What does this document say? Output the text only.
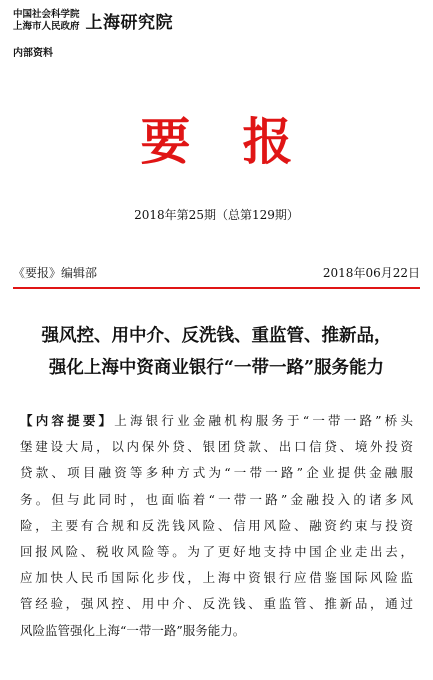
中国社会科学院
上海市人民政府 上海研究院
内部资料
要报
2018年第25期（总第129期）
《要报》编辑部	2018年06月22日
强风控、用中介、反洗钱、重监管、推新品，
强化上海中资商业银行“一带一路”服务能力
【内容提要】上海银行业金融机构服务于“一带一路”桥头
堡建设大局，以内保外贷、银团贷款、出口信贷、境外投资
贷款、项目融资等多种方式为“一带一路”企业提供金融服
务。但与此同时，也面临着“一带一路”金融投入的诸多风
险，主要有合规和反洗钱风险、信用风险、融资约束与投资
回报风险、税收风险等。为了更好地支持中国企业走出去，
应加快人民币国际化步伐，上海中资银行应借鉴国际风险监
管经验，强风控、用中介、反洗钱、重监管、推新品，通过
风险监管强化上海“一带一路”服务能力。
